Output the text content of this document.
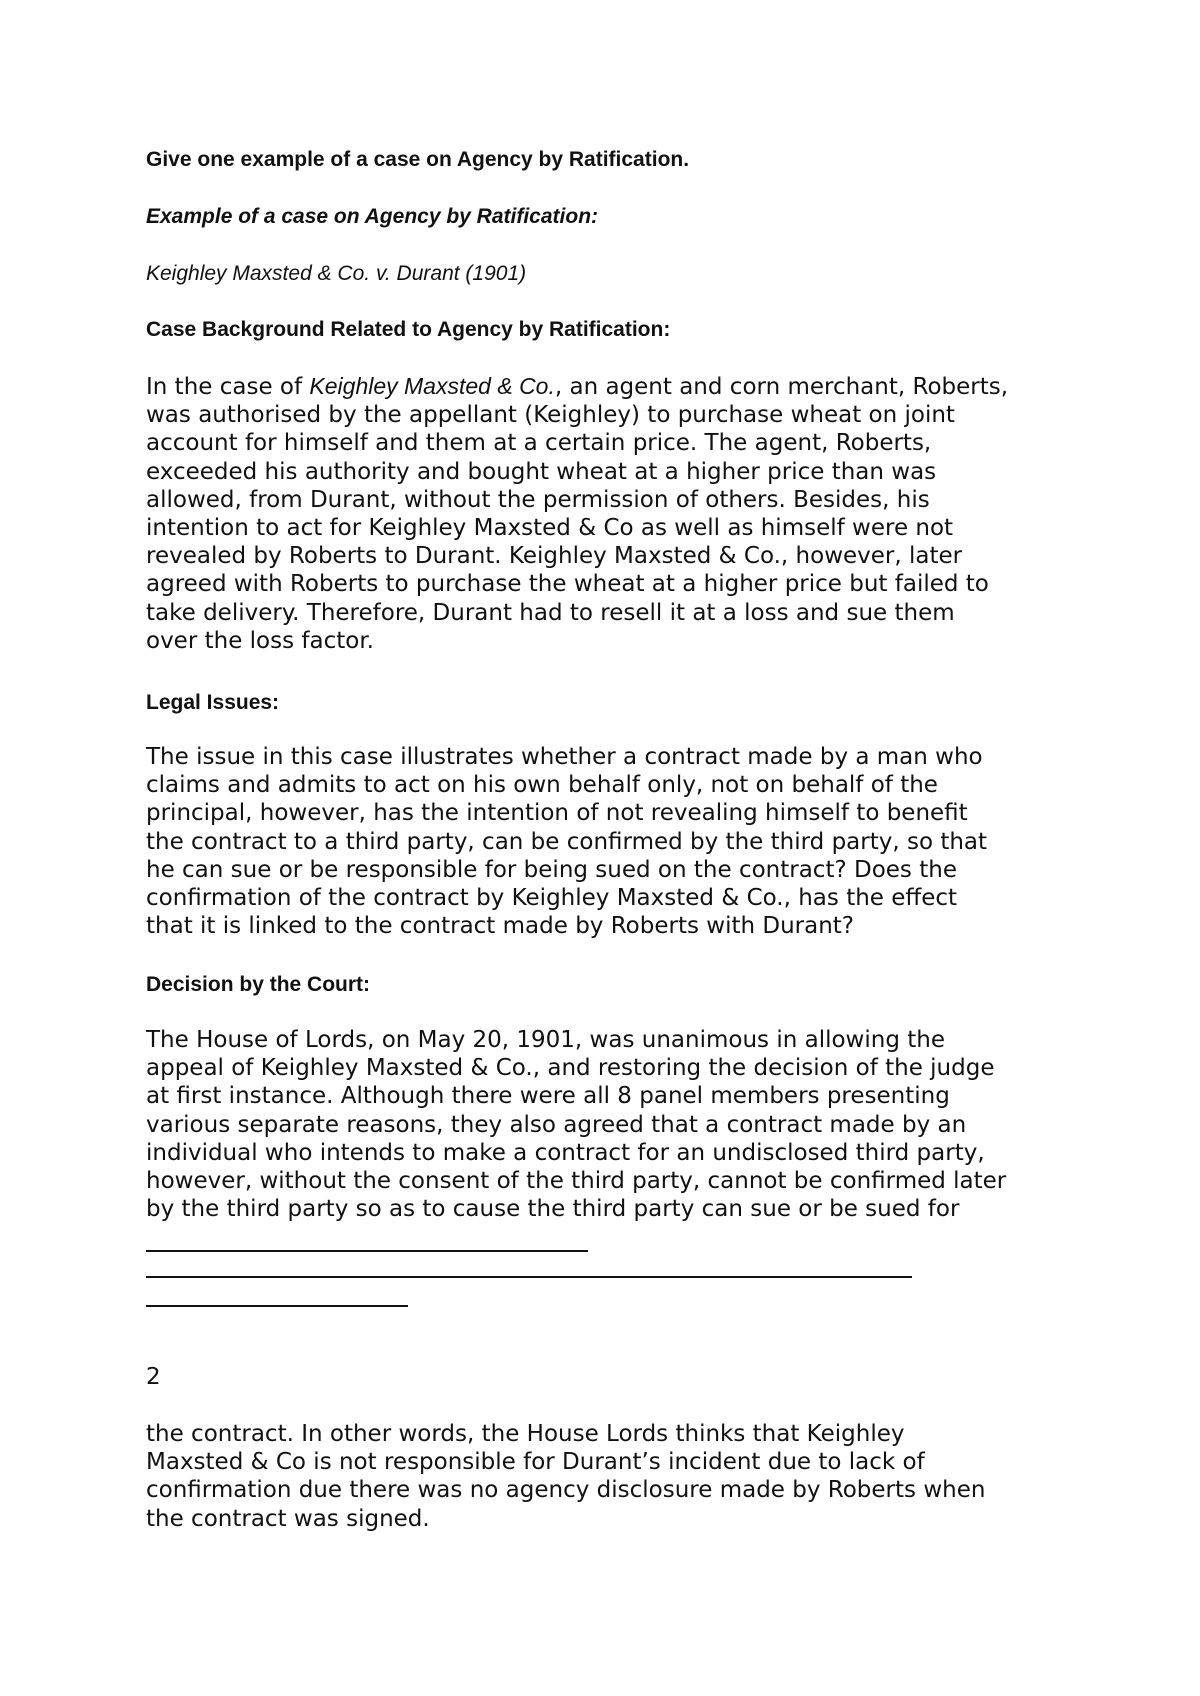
Give one example of a case on Agency by Ratification.
Example of a case on Agency by Ratification:
Keighley Maxsted & Co. v. Durant (1901)
Case Background Related to Agency by Ratification:
In the case of Keighley Maxsted & Co., an agent and corn merchant, Roberts,
was authorised by the appellant (Keighley) to purchase wheat on joint
account for himself and them at a certain price. The agent, Roberts,
exceeded his authority and bought wheat at a higher price than was
allowed, from Durant, without the permission of others. Besides, his
intention to act for Keighley Maxsted & Co as well as himself were not
revealed by Roberts to Durant. Keighley Maxsted & Co., however, later
agreed with Roberts to purchase the wheat at a higher price but failed to
take delivery. Therefore, Durant had to resell it at a loss and sue them
over the loss factor.
Legal Issues:
The issue in this case illustrates whether a contract made by a man who
claims and admits to act on his own behalf only, not on behalf of the
principal, however, has the intention of not revealing himself to benefit
the contract to a third party, can be confirmed by the third party, so that
he can sue or be responsible for being sued on the contract? Does the
confirmation of the contract by Keighley Maxsted & Co., has the effect
that it is linked to the contract made by Roberts with Durant?
Decision by the Court:
The House of Lords, on May 20, 1901, was unanimous in allowing the
appeal of Keighley Maxsted & Co., and restoring the decision of the judge
at first instance. Although there were all 8 panel members presenting
various separate reasons, they also agreed that a contract made by an
individual who intends to make a contract for an undisclosed third party,
however, without the consent of the third party, cannot be confirmed later
by the third party so as to cause the third party can sue or be sued for
2
the contract. In other words, the House Lords thinks that Keighley
Maxsted & Co is not responsible for Durant’s incident due to lack of
confirmation due there was no agency disclosure made by Roberts when
the contract was signed.
